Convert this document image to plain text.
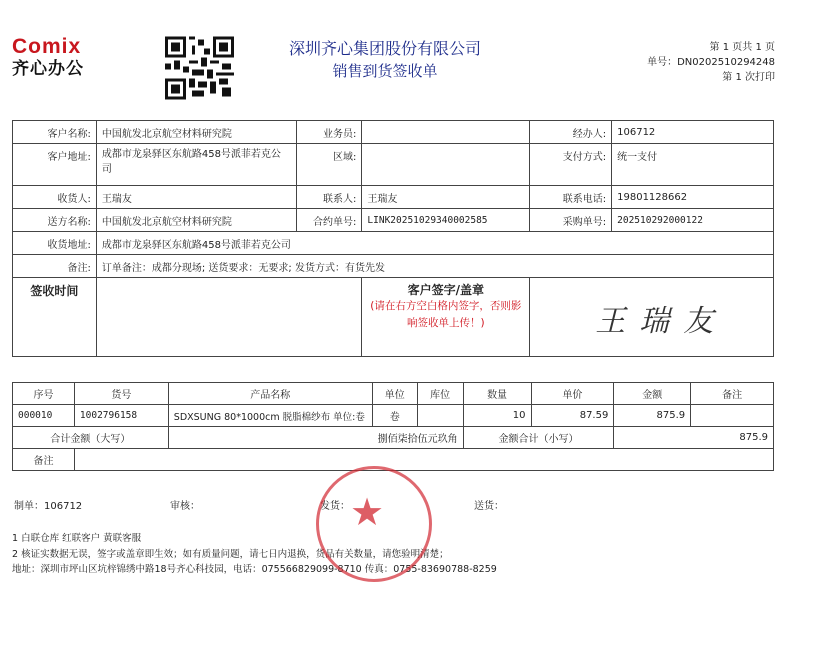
Comix
齐心办公
深圳齐心集团股份有限公司
销售到货签收单
第 1 页共 1 页
单号：DN0202510294248
第 1 次打印
客户名称:	中国航发北京航空材料研究院	业务员:		经办人:	106712
客户地址:	成都市龙泉驿区东航路458号派菲若克公司	区域:		支付方式:	统一支付
收货人:	王瑞友	联系人:	王瑞友	联系电话:	19801128662
送方名称:	中国航发北京航空材料研究院	合约单号:	LINK20251029340002585	采购单号:	202510292000122
收货地址:	成都市龙泉驿区东航路458号派菲若克公司				
备注:	订单备注：成都分现场; 送货要求：无要求; 发货方式：有货先发				
签收时间			客户签字/盖章
(请在右方空白格内签字，否则影响签收单上传！)	王瑞友	
序号	货号	产品名称	单位	库位	数量	单价	金额	备注
000010	1002796158	SDXSUNG 80*1000cm 脱脂棉纱布 单位:卷	卷		10	87.59	875.9	
合计金额（大写）		捌佰柒拾伍元玖角			金额合计（小写）		875.9	
备注								
制单：106712	审核：	发货：	送货：
1 白联仓库 红联客户 黄联客服
2 核证实数据无误，签字或盖章即生效；如有质量问题，请七日内退换，货品有关数量，请您验明清楚；
地址：深圳市坪山区坑梓锦绣中路18号齐心科技园，电话：075566829099-8710 传真：0755-83690788-8259
★
